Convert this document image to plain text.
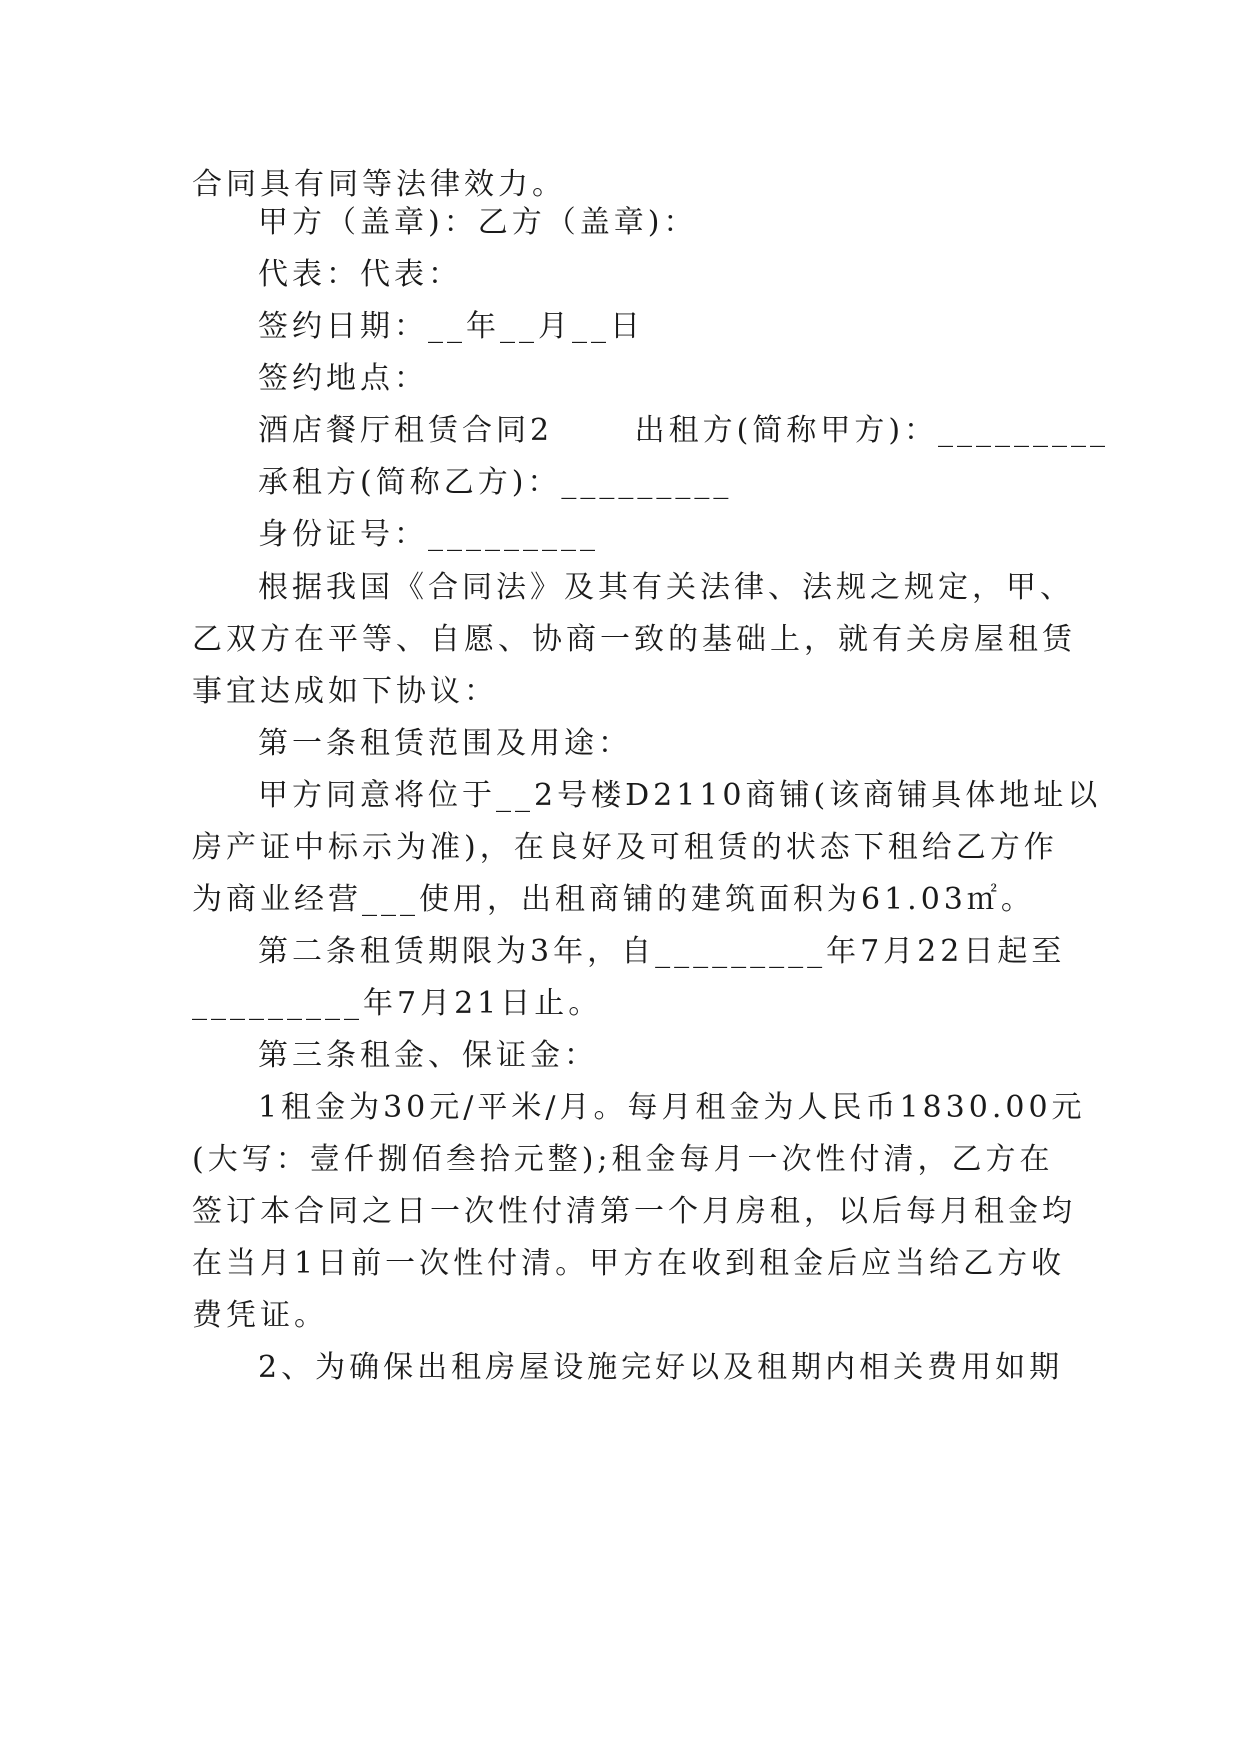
合同具有同等法律效力。
甲方（盖章)：乙方（盖章)：
代表：代表：
签约日期：__年__月__日
签约地点：
酒店餐厅租赁合同2　　 出租方(简称甲方)：_________
承租方(简称乙方)：_________
身份证号：_________
根据我国《合同法》及其有关法律、法规之规定，甲、
乙双方在平等、自愿、协商一致的基础上，就有关房屋租赁
事宜达成如下协议：
第一条租赁范围及用途：
甲方同意将位于__2号楼D2110商铺(该商铺具体地址以
房产证中标示为准)，在良好及可租赁的状态下租给乙方作
为商业经营___使用，出租商铺的建筑面积为61.03㎡。
第二条租赁期限为3年，自_________年7月22日起至
_________年7月21日止。
第三条租金、保证金：
1租金为30元/平米/月。每月租金为人民币1830.00元
(大写：壹仟捌佰叁拾元整);租金每月一次性付清，乙方在
签订本合同之日一次性付清第一个月房租，以后每月租金均
在当月1日前一次性付清。甲方在收到租金后应当给乙方收
费凭证。
2、为确保出租房屋设施完好以及租期内相关费用如期
